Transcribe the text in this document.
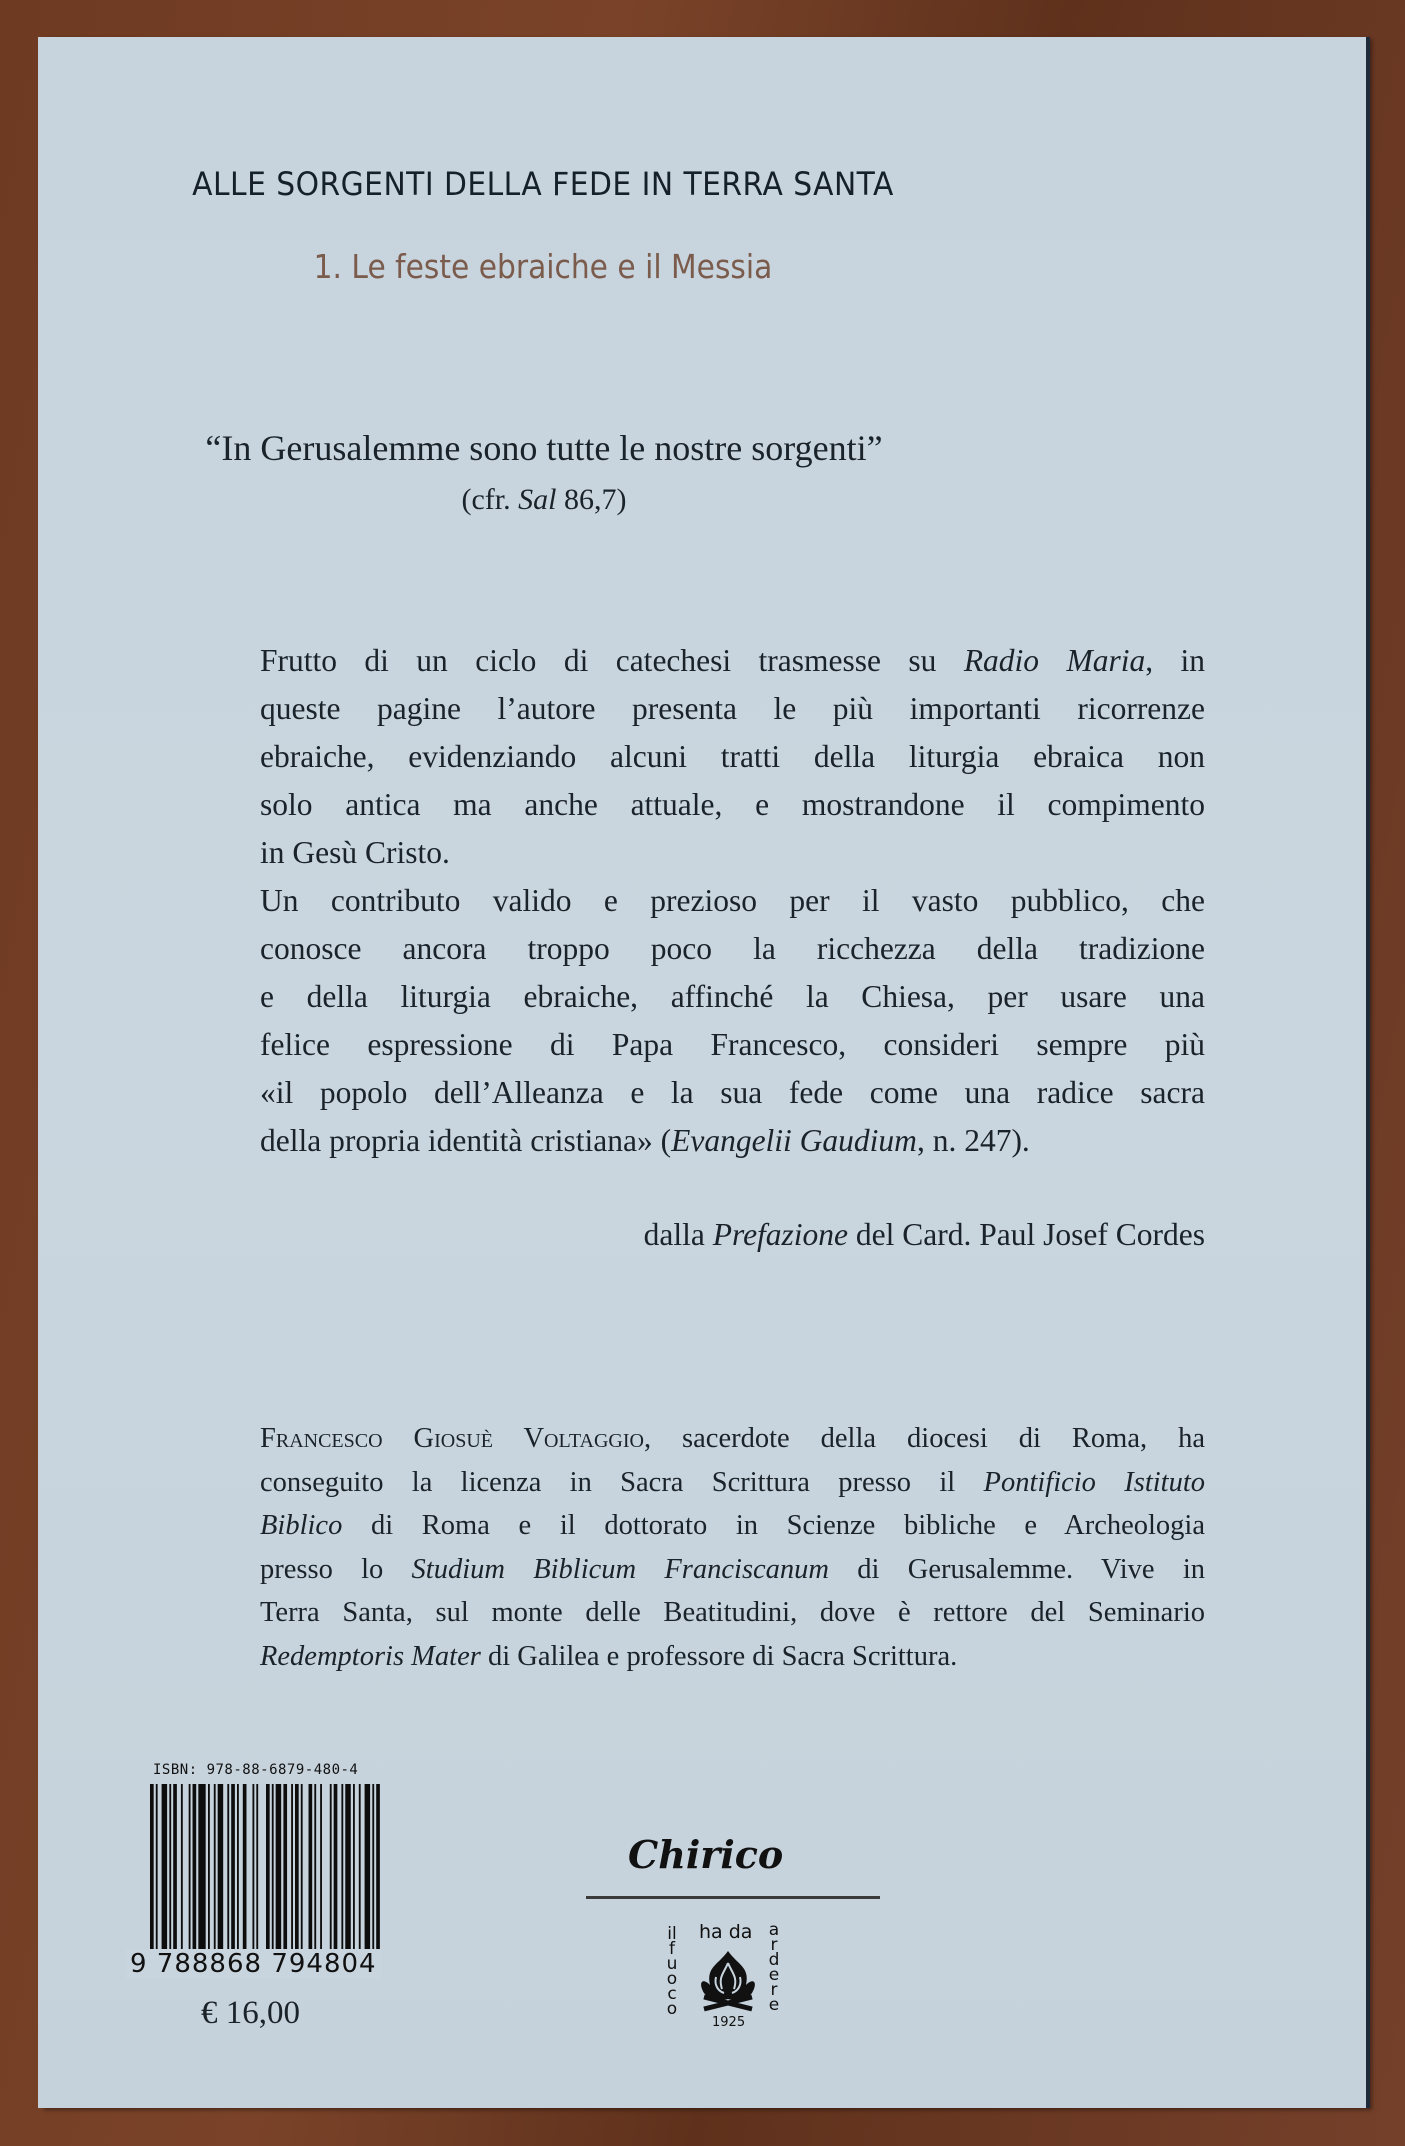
ALLE SORGENTI DELLA FEDE IN TERRA SANTA
1. Le feste ebraiche e il Messia
“In Gerusalemme sono tutte le nostre sorgenti”
(cfr. Sal 86,7)
Frutto di un ciclo di catechesi trasmesse su Radio Maria, in
queste pagine l’autore presenta le più importanti ricorrenze
ebraiche, evidenziando alcuni tratti della liturgia ebraica non
solo antica ma anche attuale, e mostrandone il compimento
in Gesù Cristo.
Un contributo valido e prezioso per il vasto pubblico, che
conosce ancora troppo poco la ricchezza della tradizione
e della liturgia ebraiche, affinché la Chiesa, per usare una
felice espressione di Papa Francesco, consideri sempre più
«il popolo dell’Alleanza e la sua fede come una radice sacra
della propria identità cristiana» (Evangelii Gaudium, n. 247).
dalla Prefazione del Card. Paul Josef Cordes
Francesco Giosuè Voltaggio, sacerdote della diocesi di Roma, ha
conseguito la licenza in Sacra Scrittura presso il Pontificio Istituto
Biblico di Roma e il dottorato in Scienze bibliche e Archeologia
presso lo Studium Biblicum Franciscanum di Gerusalemme. Vive in
Terra Santa, sul monte delle Beatitudini, dove è rettore del Seminario
Redemptoris Mater di Galilea e professore di Sacra Scrittura.
ISBN: 978-88-6879-480-4
9 788868 794804
€ 16,00
Chirico
il fuoco
ha da ardere
1925
